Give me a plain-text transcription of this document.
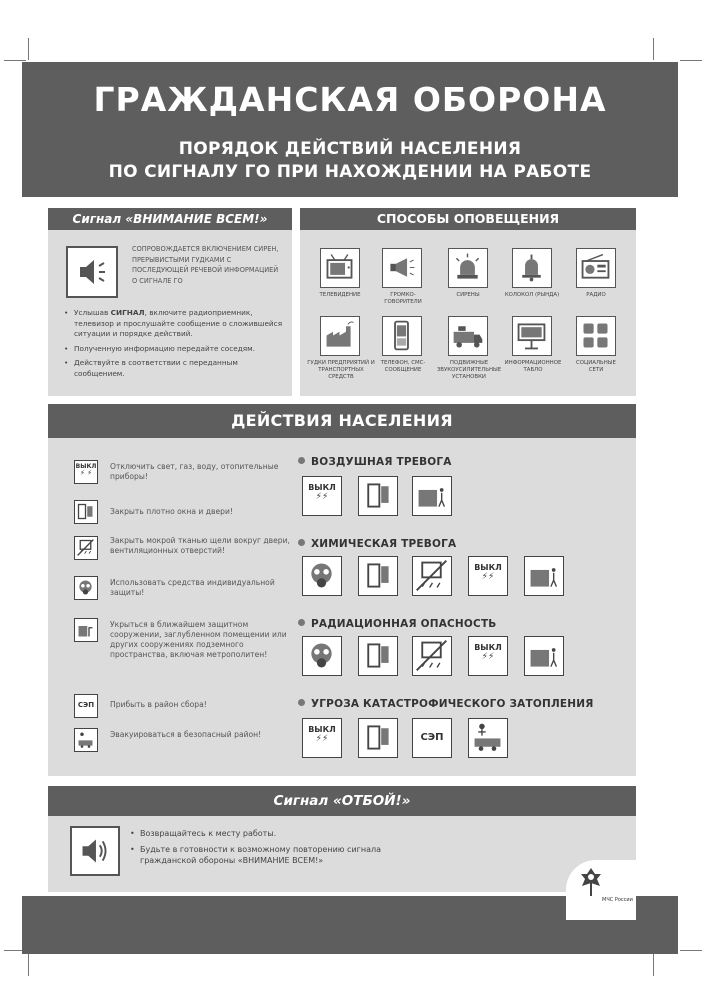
ГРАЖДАНСКАЯ ОБОРОНА
ПОРЯДОК ДЕЙСТВИЙ НАСЕЛЕНИЯ
ПО СИГНАЛУ ГО ПРИ НАХОЖДЕНИИ НА РАБОТЕ
Сигнал «ВНИМАНИЕ ВСЕМ!»
СОПРОВОЖДАЕТСЯ ВКЛЮЧЕНИЕМ СИРЕН, ПРЕРЫВИСТЫМИ ГУДКАМИ С ПОСЛЕДУЮЩЕЙ РЕЧЕВОЙ ИНФОРМАЦИЕЙ О СИГНАЛЕ ГО
• Услышав СИГНАЛ, включите радиоприемник, телевизор и прослушайте сообщение о сложившейся ситуации и порядке действий.
• Полученную информацию передайте соседям.
• Действуйте в соответствии с переданным сообщением.
СПОСОБЫ ОПОВЕЩЕНИЯ
ТЕЛЕВИДЕНИЕ	ГРОМКО-ГОВОРИТЕЛИ
СИРЕНЫ	КОЛОКОЛ (РЫНДА)	РАДИО
ГУДКИ ПРЕДПРИЯТИЙ И ТРАНСПОРТНЫХ СРЕДСТВ
ТЕЛЕФОН, СМС-СООБЩЕНИЕ
ПОДВИЖНЫЕ ЗВУКОУСИЛИТЕЛЬНЫЕ УСТАНОВКИ
ИНФОРМАЦИОННОЕ ТАБЛО
СОЦИАЛЬНЫЕ СЕТИ
ДЕЙСТВИЯ НАСЕЛЕНИЯ
ВЫКЛ
⚡ ⚡
Отключить свет, газ, воду, отопительные приборы!
Закрыть плотно окна и двери!
Закрыть мокрой тканью щели вокруг двери, вентиляционных отверстий!
Использовать средства индивидуальной защиты!
Укрыться в ближайшем защитном сооружении, заглубленном помещении или других сооружениях подземного пространства, включая метрополитен!
СЭП	Прибыть в район сбора!
Эвакуироваться в безопасный район!
ВОЗДУШНАЯ ТРЕВОГА
ВЫКЛ
⚡⚡
ХИМИЧЕСКАЯ ТРЕВОГА
ВЫКЛ
⚡⚡
РАДИАЦИОННАЯ ОПАСНОСТЬ
ВЫКЛ
⚡⚡
УГРОЗА КАТАСТРОФИЧЕСКОГО ЗАТОПЛЕНИЯ
ВЫКЛ
⚡⚡	СЭП
Сигнал «ОТБОЙ!»
• Возвращайтесь к месту работы.
• Будьте в готовности к возможному повторению сигнала гражданской обороны «ВНИМАНИЕ ВСЕМ!»
МЧС России
